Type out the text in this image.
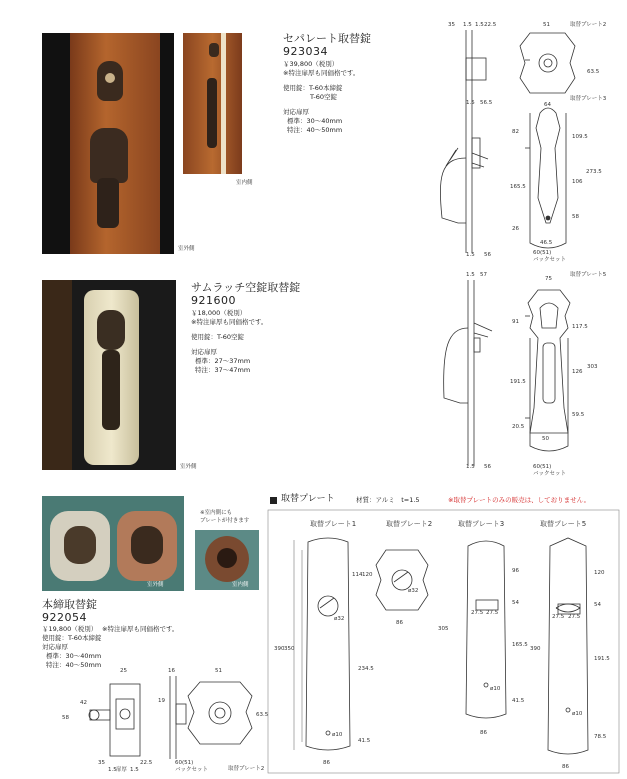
室外側
室内側
セパレート取替錠
923034
￥39,800（税別）
※特注扉厚も同価格です。
使用錠：T-60本締錠
T-60空錠
対応扉厚
標準：30〜40mm
特注：40〜50mm
35 1.5 1.5 22.5	51	取替プレート2
63.5
64
取替プレート3
1.5 56.5
82
109.5
165.5
106
273.5
58
26
46.5
60(51)
バックセット
1.5 56
室外側
サムラッチ空錠取替錠
921600
￥18,000（税別）
※特注扉厚も同価格です。
使用錠：T-60空錠
対応扉厚
標準：27〜37mm
特注：37〜47mm
1.5 57
75
取替プレート5
91
117.5
126
303
191.5
59.5
20.5
50
60(51)
バックセット
1.5 56
室外側
※室内側にも
プレートが付きます
室内側
本締取替錠
922054
￥19,800（税別） ※特注扉厚も同価格です。
使用錠：T-60本締錠
対応扉厚
標準：30〜40mm
特注：40〜50mm
25	16	51
58
42	19
63.5
35
1.5 扉厚 1.5
22.5	60(51)
バックセット	取替プレート2
取替プレート	材質：アルミ　t=1.5	※取替プレートのみの販売は、しておりません。
取替プレート1	取替プレート2	取替プレート3	取替プレート5
390 350
114 120
ø32
234.5
ø10
41.5
86
ø32
86
305
96
27.5 27.5
54
165.5
ø10
41.5
86
390
120
27.5 27.5
54
191.5
ø10
78.5
86
